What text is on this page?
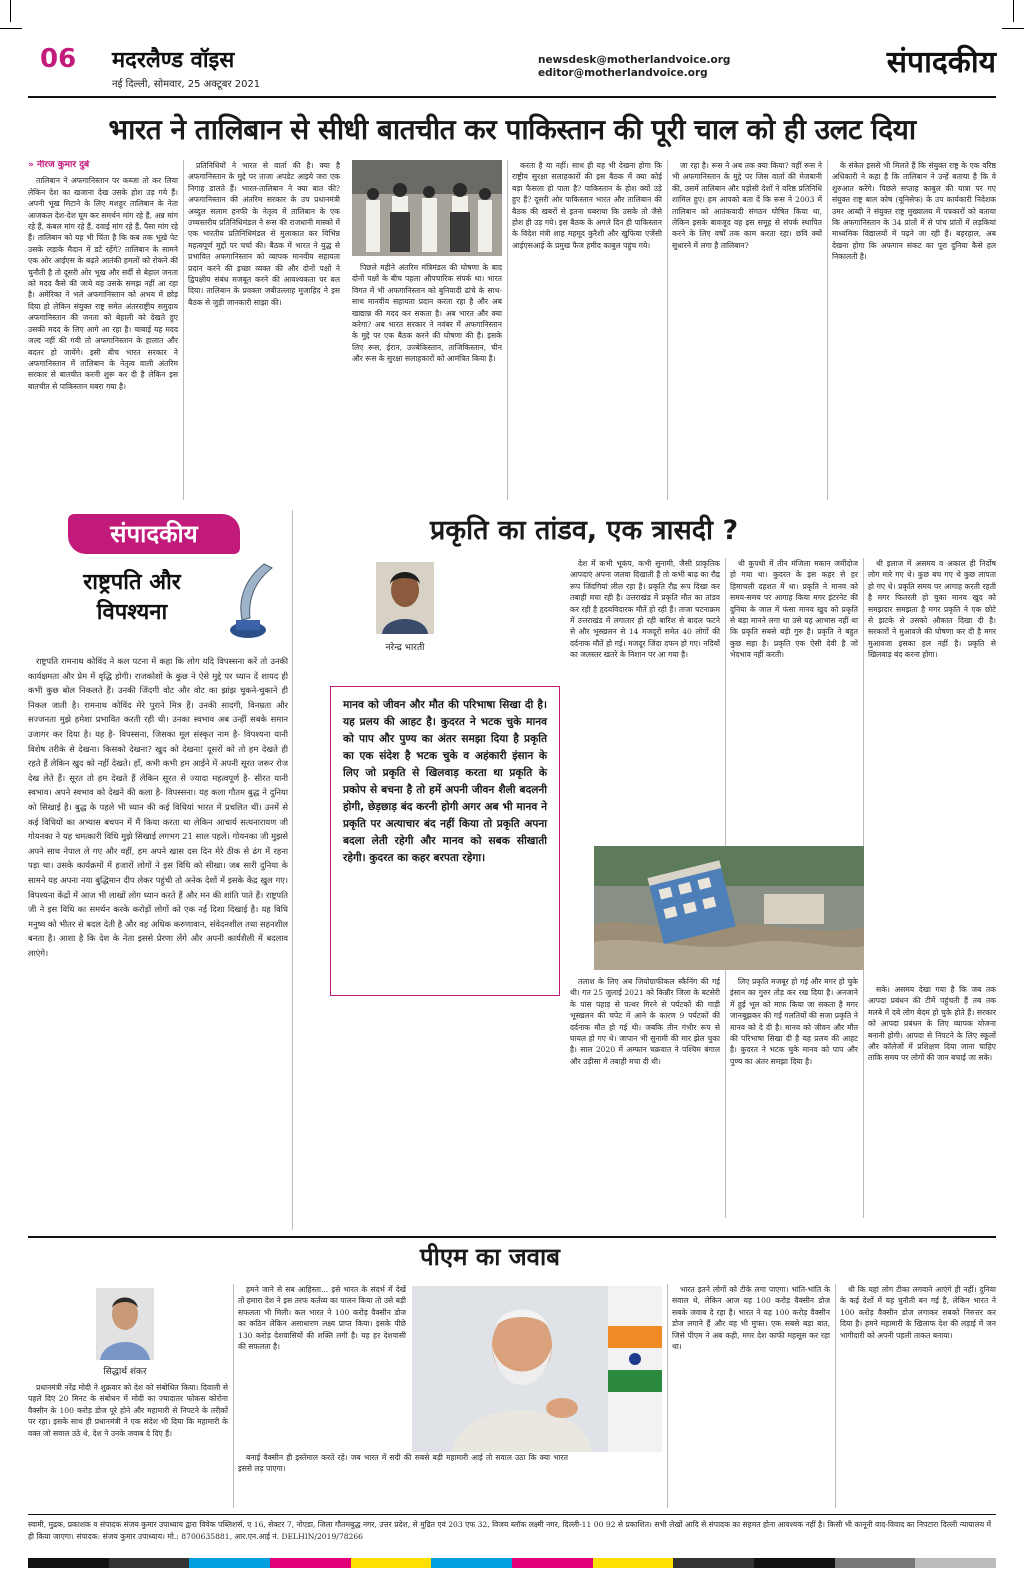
06 मदरलैण्ड वॉइस
नई दिल्ली, सोमवार, 25 अक्टूबर 2021
newsdesk@motherlandvoice.org
editor@motherlandvoice.org	संपादकीय
भारत ने तालिबान से सीधी बातचीत कर पाकिस्तान की पूरी चाल को ही उलट दिया
» नीरज कुमार दुबे

तालिबान ने अफगानिस्तान पर कब्जा तो कर लिया लेकिन देश का खजाना देख उसके होश उड़ गये हैं। अपनी भूख मिटाने के लिए मशहूर तालिबान के नेता आजकल देश-देश घूम कर समर्थन मांग रहे हैं, अन्न मांग रहे हैं, कंबल मांग रहे हैं, दवाई मांग रहे हैं, पैसा मांग रहे हैं। तालिबान को यह भी चिंता है कि कब तक भूखे पेट उसके लड़ाके मैदान में डटे रहेंगे? तालिबान के सामने एक ओर आईएस के बढ़ते आतंकी हमलों को रोकने की चुनौती है तो दूसरी ओर भूख और सर्दी से बेहाल जनता को मदद कैसे की जाये यह उसके समझ नहीं आ रहा है। अमेरिका ने भले अफगानिस्तान को अभय में छोड़ दिया हो लेकिन संयुक्त राष्ट्र समेत अंतरराष्ट्रीय समुदाय अफगानिस्तान की जनता को बेहाली को देखते हुए उसकी मदद के लिए आगे आ रहा है। चाबाई यह मदद जल्द नहीं की गयी तो अफगानिस्तान के हालात और बदतर हो जायेंगे। इसी बीच भारत सरकार ने अफगानिस्तान में तालिबान के नेतृत्व वाली अंतरिम सरकार से बातचीत करनी शुरू कर दी है लेकिन इस बातचीत से पाकिस्तान घबरा गया है।

प्रतिनिधियों ने भारत से वार्ता की है। क्या है अफगानिस्तान के मुद्दे पर ताजा अपडेट आइये जरा एक निगाह डालते हैं। भारत-तालिबान ने क्या बात की? अफगानिस्तान की अंतरिम सरकार के उप प्रधानमंत्री अब्दुल सलाम हनफी के नेतृत्व में तालिबान के एक उच्चस्तरीय प्रतिनिधिमंडल ने रूस की राजधानी मास्को में एक भारतीय प्रतिनिधिमंडल से मुलाकात कर विभिन्न महत्वपूर्ण मुद्दों पर चर्चा की। बैठक में भारत ने युद्ध से प्रभावित अफगानिस्तान को व्यापक मानवीय सहायता प्रदान करने की इच्छा व्यक्त की और दोनों पक्षों ने द्विपक्षीय संबंध मजबूत करने की आवश्यकता पर बल दिया। तालिबान के प्रवक्ता जबीउल्लाह मुजाहिद ने इस बैठक से जुड़ी जानकारी साझा की।

पिछले महीने अंतरिम मंत्रिमंडल की घोषणा के बाद दोनों पक्षों के बीच पहला औपचारिक संपर्क था। भारत विगत में भी अफगानिस्तान को बुनियादी ढांचे के साथ-साथ मानवीय सहायता प्रदान करता रहा है और अब खाद्यान्न की मदद कर सकता है। अब भारत और क्या करेगा? अब भारत सरकार ने नवंबर में अफगानिस्तान के मुद्दे पर एक बैठक करने की घोषणा की है। इसके लिए रूस, ईरान, उज्बेकिस्तान, ताजिकिस्तान, चीन और रूस के सुरक्षा सलाहकारों को आमंत्रित किया है।

करता है या नहीं। साथ ही यह भी देखना होगा कि राष्ट्रीय सुरक्षा सलाहकारों की इस बैठक में क्या कोई बड़ा फैसला हो पाता है? पाकिस्तान के होश क्यों उड़े हुए हैं? दूसरी ओर पाकिस्तान भारत और तालिबान की बैठक की खबरों से इतना घबराया कि उसके तो जैसे होश ही उड़ गये। इस बैठक के अगले दिन ही पाकिस्तान के विदेश मंत्री शाह महमूद कुरैशी और खुफिया एजेंसी आईएसआई के प्रमुख फैज हमीद काबुल पहुंच गये।

जा रहा है। रूस ने अब तक क्या किया? वहीं रूस ने भी अफगानिस्तान के मुद्दे पर जिस वार्ता की मेजबानी की, उसमें तालिबान और पड़ोसी देशों ने वरिष्ठ प्रतिनिधि शामिल हुए। हम आपको बता दें कि रूस ने 2003 में तालिबान को आतंकवादी संगठन घोषित किया था, लेकिन इसके बावजूद वह इस समूह से संपर्क स्थापित करने के लिए वर्षों तक काम करता रहा। छवि क्यों सुधारने में लगा है तालिबान?

के संकेत इससे भी मिलते हैं कि संयुक्त राष्ट्र के एक वरिष्ठ अधिकारी ने कहा है कि तालिबान ने उन्हें बताया है कि वे शुरुआत करेंगे। पिछले सप्ताह काबुल की यात्रा पर गए संयुक्त राष्ट्र बाल कोष (यूनिसेफ) के उप कार्यकारी निदेशक उमर आब्दी ने संयुक्त राष्ट्र मुख्यालय में पत्रकारों को बताया कि अफगानिस्तान के 34 प्रांतों में से पांच प्रांतों में लड़कियां माध्यमिक विद्यालयों में पढ़ने जा रही हैं। बहरहाल, अब देखना होगा कि अफगान संकट का पूरा दुनिया कैसे हल निकालती है।

संपादकीय
राष्ट्रपति और विपश्यना

राष्ट्रपति रामनाथ कोविंद ने कल पटना में कहा कि लोग यदि विपस्सना करें तो उनकी कार्यक्षमता और प्रेम में वृद्धि होगी। राजकोशों के कुछ ने ऐसे मुद्दे पर ध्यान दें शायद ही कभी कुछ बोल निकलते हैं। उनकी जिंदगी वोट और वोट का झांझ चुकने-चुकाने ही निकल जाती है। रामनाथ कोविंद मेरे पुराने मित्र हैं। उनकी सादगी, विनम्रता और सज्जनता मुझे हमेशा प्रभावित करती रही थी। उनका स्वभाव अब उन्हीं सबके समान उजागर कर दिया है। यह है- विपस्सना, जिसका मूल संस्कृत नाम है- विपश्यना यानी विशेष तरीके से देखना। किसको देखना? खुद को देखना! दूसरों को तो हम देखते ही रहते हैं लेकिन खुद को नहीं देखते। हाँ, कभी कभी हम आईने में अपनी सूरत जरूर रोज देख लेते हैं। सूरत तो हम देखते हैं लेकिन सूरत से ज्यादा महत्वपूर्ण है- सीरत यानी स्वभाव। अपने स्वभाव को देखने की कला है- विपस्सना। यह कला गौतम बुद्ध ने दुनिया को सिखाई है। बुद्ध के पहले भी ध्यान की कई विधियां भारत में प्रचलित थीं। उनमें से कई विधियों का अभ्यास बचपन में मैं किया करता था लेकिन आचार्य सत्यनारायण जी गोयनका ने यह चमत्कारी विधि मुझे सिखाई लगभग 21 साल पहले। गोयनका जी मुझसे अपने साथ नेपाल ले गए और वहीं, हम अपने खास दस दिन मेरे ठीक से ढंग में रहना पड़ा था। उसके कार्यक्रमों में हजारों लोगों ने इस विधि को सीखा। जब सारी दुनिया के सामने यह अपना नया बुद्धिमान दीप लेकर पहुंची तो अनेक देशों में इसके केंद्र खुल गए। विपश्यना केंद्रों में आज भी लाखों लोग ध्यान करते हैं और मन की शांति पाते हैं। राष्ट्रपति जी ने इस विधि का समर्थन करके करोड़ों लोगों को एक नई दिशा दिखाई है। यह विधि मनुष्य को भीतर से बदल देती है और वह अधिक करुणावान, संवेदनशील तथा सहनशील बनता है। आशा है कि देश के नेता इससे प्रेरणा लेंगे और अपनी कार्यशैली में बदलाव लाएंगे।

प्रकृति का तांडव, एक त्रासदी ?
नरेन्द्र भारती
मानव को जीवन और मौत की परिभाषा सिखा दी है। यह प्रलय की आहट है। कुदरत ने भटक चुके मानव को पाप और पुण्य का अंतर समझा दिया है प्रकृति का एक संदेश है भटक चुके व अहंकारी इंसान के लिए जो प्रकृति से खिलवाड़ करता था प्रकृति के प्रकोप से बचना है तो हमें अपनी जीवन शैली बदलनी होगी, छेड़छाड़ बंद करनी होगी अगर अब भी मानव ने प्रकृति पर अत्याचार बंद नहीं किया तो प्रकृति अपना बदला लेती रहेगी और मानव को सबक सीखाती रहेगी। कुदरत का कहर बरपता रहेगा।

देश में कभी भूकंप, कभी सुनामी, जैसी प्राकृतिक आपदाएं अपना जलवा दिखाती हैं तो कभी बाढ़ का रौद्र रूप जिंदगियां लील रहा है। प्रकृति रौद्र रूप दिखा कर तबाही मचा रही है। उत्तराखंड में प्रकृति मौत का तांडव कर रही है हृदयविदारक मौतें हो रही हैं। ताजा घटनाक्रम में उत्तराखंड में लगातार हो रही बारिश से बादल फटने से और भूस्खलन से 14 मजदूरों समेत 40 लोगों की दर्दनाक मौतें हो गई। मजदूर जिंदा दफन हो गए। नदियों का जलस्तर खतरे के निशान पर आ गया है।

थी कुपथी में तीन मंजिला मकान जमींदोज हो गया था। कुदरत के इस कहर से हर हिमाचली दहशत में था। प्रकृति ने मानव को समय-समय पर आगाह किया मगर इंटरनेट की दुनिया के जाल में फंसा मानव खुद को प्रकृति से बड़ा मानने लगा था उसे यह आभास नहीं था कि प्रकृति सबसे बड़ी गुरु है। प्रकृति ने बहुत कुछ सहा है। प्रकृति एक ऐसी देवी है जो भेदभाव नहीं करती।

थी इलाज में असमय व अकाल ही निर्दोष लोग मारे गए थे। कुछ बच गए थे कुछ लापता हो गए थे। प्रकृति समय पर आगाह करती रहती है मगर फितरती हो चुका मानव खुद को समझदार समझता है मगर प्रकृति ने एक छोटे से झटके से उसको औकात दिखा दी है। सरकारों ने मुआवजे की घोषणा कर दी है मगर मुआवजा इसका हल नहीं है। प्रकृति से खिलवाड़ बंद करना होगा।

तलाश के लिए अब जियोग्राफीकल स्कैनिंग की गई थी। गत 25 जुलाई 2021 को किन्नौर जिला के बटसेरी के पास पहाड़ से पत्थर गिरने से पर्यटकों की गाड़ी भूस्खलन की चपेट में आने के कारण 9 पर्यटकों की दर्दनाक मौत हो गई थी। जबकि तीन गंभीर रूप से घायल हो गए थे। जापान भी सुनामी की मार झेल चुका है। साल 2020 में अम्फान चक्रवात ने पश्चिम बंगाल और उड़ीसा में तबाही मचा दी थी।

लिए प्रकृति मजबूर हो गई और मगर हो चुके इंसान का गुरुर तोड़ कर रख दिया है। अनजाने में हुई भूल को माफ किया जा सकता है मगर जानबूझकर की गई गलतियों की सजा प्रकृति ने मानव को दे दी है। मानव को जीवन और मौत की परिभाषा सिखा दी है यह प्रलय की आहट है। कुदरत ने भटक चुके मानव को पाप और पुण्य का अंतर समझा दिया है।

सके। असमय देखा गया है कि जब तक आपदा प्रबंधन की टीमें पहुंचती हैं तब तक मलबे में दबे लोग बेदम हो चुके होते हैं। सरकार को आपदा प्रबंधन के लिए व्यापक योजना बनानी होगी। आपदा से निपटने के लिए स्कूलों और कॉलेजों में प्रशिक्षण दिया जाना चाहिए ताकि समय पर लोगों की जान बचाई जा सके।

पीएम का जवाब
सिद्धार्थ शंकर

प्रधानमंत्री नरेंद्र मोदी ने शुक्रवार को देश को संबोधित किया। दिवाली से पहले दिए 20 मिनट के संबोधन में मोदी का ज्यादातर फोकस कोरोना वैक्सीन के 100 करोड़ डोज पूरे होने और महामारी से निपटने के तरीकों पर रहा। इसके साथ ही प्रधानमंत्री ने एक संदेश भी दिया कि महामारी के वक्त जो सवाल उठे थे, देश ने उनके जवाब दे दिए हैं।

हमने जाने से सब आहिस्ता... इसे भारत के संदर्भ में देखें तो हमारा देश ने इस तरफ कर्तव्य का पालन किया तो उसे बड़ी सफलता भी मिली। कल भारत ने 100 करोड़ वैक्सीन डोज का कठिन लेकिन असाधारण लक्ष्य प्राप्त किया। इसके पीछे 130 करोड़ देशवासियों की शक्ति लगी है। यह हर देशवासी की सफलता है।

बनाई वैक्सीन ही इस्तेमाल करते रहे। जब भारत में सदी की सबसे बड़ी महामारी आई तो सवाल उठा कि क्या भारत इससे लड़ पाएगा।

भारत इतने लोगों को टीके लगा पाएगा। भांति-भांति के सवाल थे, लेकिन आज यह 100 करोड़ वैक्सीन डोज सबके जवाब दे रहा है। भारत ने यह 100 करोड़ वैक्सीन डोज लगाने हैं और वह भी मुफ्त। एक सबसे बड़ा बात, जिसे पीएम ने अब कही, मगर देश काफी महसूस कर रहा था।

थी कि यहां लोग टीका लगवाने आएंगे ही नहीं। दुनिया के कई देशों में यह चुनौती बन गई है, लेकिन भारत ने 100 करोड़ वैक्सीन डोज लगाकर सबको निरुत्तर कर दिया है। हमने महामारी के खिलाफ देश की लड़ाई में जन भागीदारी को अपनी पहली ताकत बनाया।

स्वामी, मुद्रक, प्रकाशक व संपादक संजय कुमार उपाध्याय द्वारा विवेक पब्लिशर्स, ए 16, सेक्टर 7, नोएडा, जिला गौतमबुद्ध नगर, उत्तर प्रदेश, से मुद्रित एवं 203 एफ 32, विजय ब्लॉक लक्ष्मी नगर, दिल्ली-11 00 92 से प्रकाशित। सभी लेखों आदि से संपादक का सहमत होना आवश्यक नहीं है। किसी भी कानूनी वाद-विवाद का निपटारा दिल्ली न्यायालय में ही किया जाएगा। संपादक: संजय कुमार उपाध्याय। मो.: 8700635881, आर.एन.आई नं. DELHIN/2019/78266
